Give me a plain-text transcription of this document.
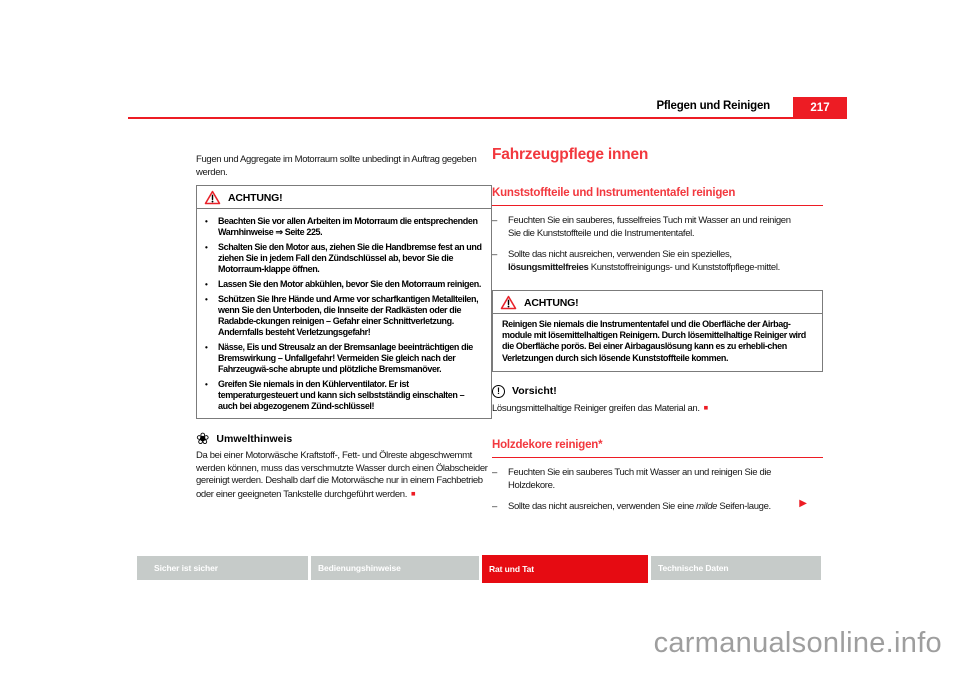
Pflegen und Reinigen	217

Fugen und Aggregate im Motorraum sollte unbedingt in Auftrag gegeben werden.

ACHTUNG!
•	Beachten Sie vor allen Arbeiten im Motorraum die entsprechenden Warnhinweise ⇒ Seite 225.
•	Schalten Sie den Motor aus, ziehen Sie die Handbremse fest an und ziehen Sie in jedem Fall den Zündschlüssel ab, bevor Sie die Motorraum-klappe öffnen.
•	Lassen Sie den Motor abkühlen, bevor Sie den Motorraum reinigen.
•	Schützen Sie Ihre Hände und Arme vor scharfkantigen Metallteilen, wenn Sie den Unterboden, die Innseite der Radkästen oder die Radabde-ckungen reinigen – Gefahr einer Schnittverletzung. Andernfalls besteht Verletzungsgefahr!
•	Nässe, Eis und Streusalz an der Bremsanlage beeinträchtigen die Bremswirkung – Unfallgefahr! Vermeiden Sie gleich nach der Fahrzeugwä-sche abrupte und plötzliche Bremsmanöver.
•	Greifen Sie niemals in den Kühlerventilator. Er ist temperaturgesteuert und kann sich selbstständig einschalten – auch bei abgezogenem Zünd-schlüssel!
❀ Umwelthinweis

Da bei einer Motorwäsche Kraftstoff-, Fett- und Ölreste abgeschwemmt werden können, muss das verschmutzte Wasser durch einen Ölabscheider gereinigt werden. Deshalb darf die Motorwäsche nur in einem Fachbetrieb oder einer geeigneten Tankstelle durchgeführt werden. ■

Fahrzeugpflege innen
Kunststoffteile und Instrumententafel reinigen
–	Feuchten Sie ein sauberes, fusselfreies Tuch mit Wasser an und reinigen Sie die Kunststoffteile und die Instrumententafel.
–	Sollte das nicht ausreichen, verwenden Sie ein spezielles, lösungsmittelfreies Kunststoffreinigungs- und Kunststoffpflege-mittel.
ACHTUNG!

Reinigen Sie niemals die Instrumententafel und die Oberfläche der Airbag-module mit lösemittelhaltigen Reinigern. Durch lösemittelhaltige Reiniger wird die Oberfläche porös. Bei einer Airbagauslösung kann es zu erhebli-chen Verletzungen durch sich lösende Kunststoffteile kommen.

!	Vorsicht!

Lösungsmittelhaltige Reiniger greifen das Material an. ■

Holzdekore reinigen*
–	Feuchten Sie ein sauberes Tuch mit Wasser an und reinigen Sie die Holzdekore.
–	Sollte das nicht ausreichen, verwenden Sie eine milde Seifen-lauge.	▶
Sicher ist sicher	Bedienungshinweise	Rat und Tat	Technische Daten
carmanualsonline.info
